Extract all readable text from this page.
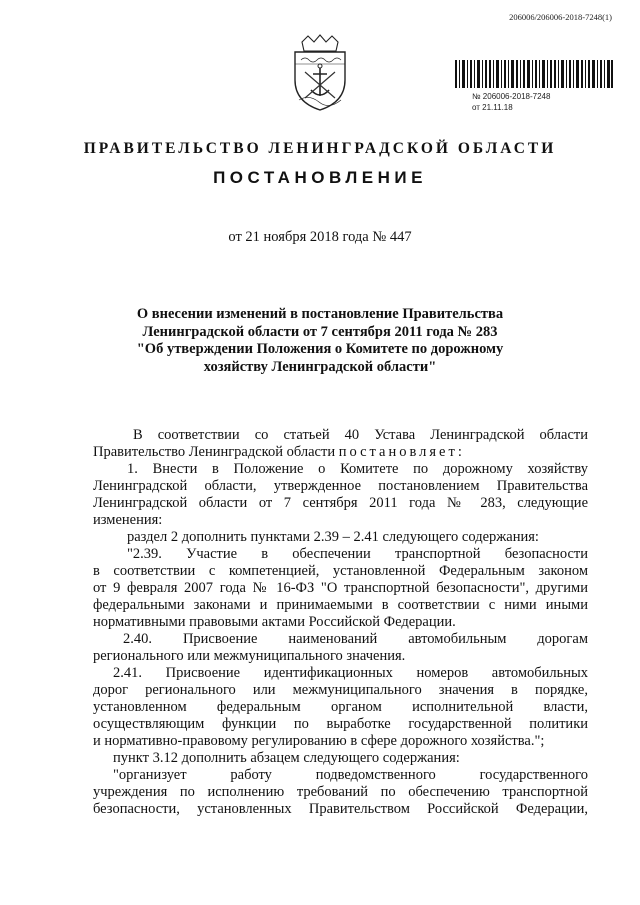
206006/206006-2018-7248(1)
№ 206006-2018-7248
от 21.11.18
ПРАВИТЕЛЬСТВО ЛЕНИНГРАДСКОЙ ОБЛАСТИ
ПОСТАНОВЛЕНИЕ

от 21 ноября 2018 года № 447

О внесении изменений в постановление Правительства
Ленинградской области от 7 сентября 2011 года № 283
"Об утверждении Положения о Комитете по дорожному
хозяйству Ленинградской области"
В соответствии со статьей 40 Устава Ленинградской области
Правительство Ленинградской области постановляет:
1. Внести в Положение о Комитете по дорожному хозяйству
Ленинградской области, утвержденное постановлением Правительства
Ленинградской области от 7 сентября 2011 года № 283, следующие
изменения:
раздел 2 дополнить пунктами 2.39 – 2.41 следующего содержания:
"2.39. Участие в обеспечении транспортной безопасности
в соответствии с компетенцией, установленной Федеральным законом
от 9 февраля 2007 года № 16-ФЗ "О транспортной безопасности", другими
федеральными законами и принимаемыми в соответствии с ними иными
нормативными правовыми актами Российской Федерации.
2.40. Присвоение наименований автомобильным дорогам
регионального или межмуниципального значения.
2.41. Присвоение идентификационных номеров автомобильных
дорог регионального или межмуниципального значения в порядке,
установленном федеральным органом исполнительной власти,
осуществляющим функции по выработке государственной политики
и нормативно-правовому регулированию в сфере дорожного хозяйства.";
пункт 3.12 дополнить абзацем следующего содержания:
"организует работу подведомственного государственного
учреждения по исполнению требований по обеспечению транспортной
безопасности, установленных Правительством Российской Федерации,
